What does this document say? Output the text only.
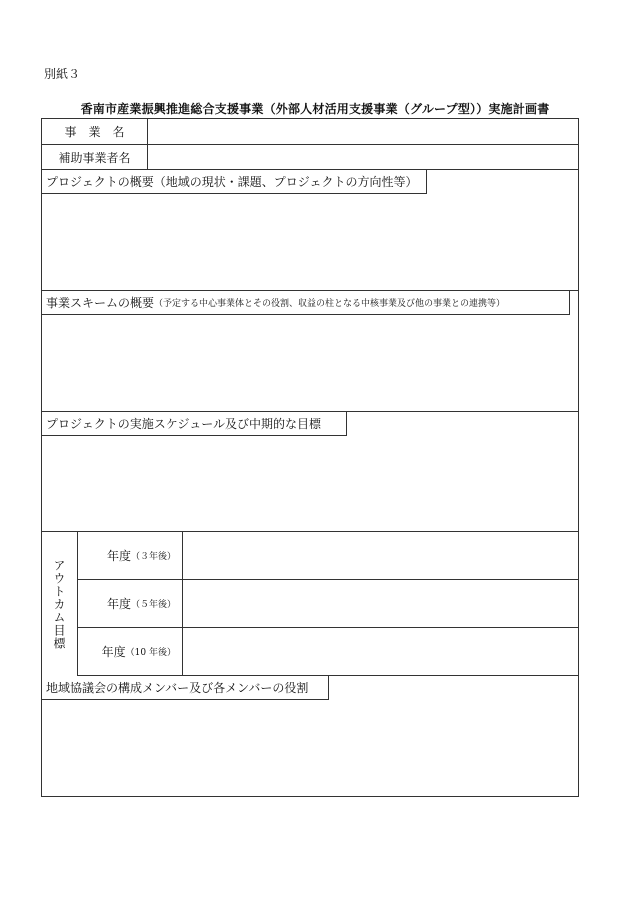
別紙３
香南市産業振興推進総合支援事業（外部人材活用支援事業（グループ型））実施計画書
事　業　名
補助事業者名
プロジェクトの概要（地域の現状・課題、プロジェクトの方向性等）
事業スキームの概要 （予定する中心事業体とその役割、収益の柱となる中核事業及び他の事業との連携等）
プロジェクトの実施スケジュール及び中期的な目標
アウトカム目標
年度 （３年後）
年度 （５年後）
年度 （10 年後）
地域協議会の構成メンバー及び各メンバーの役割
